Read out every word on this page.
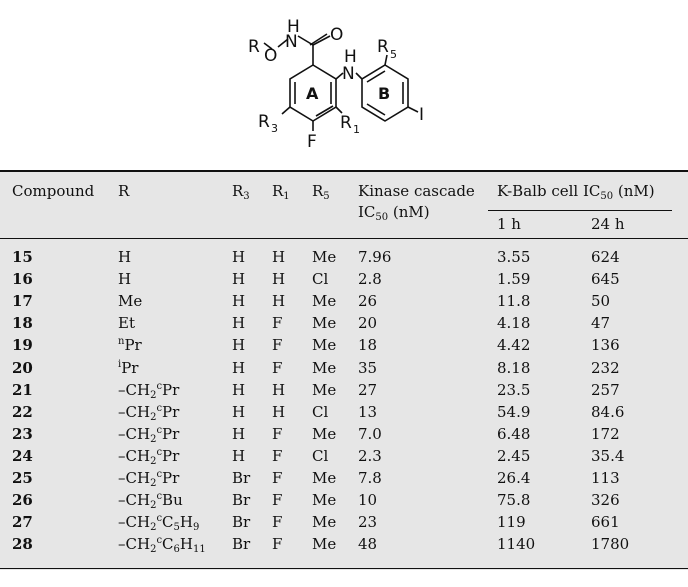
H
R O
N O
H
N
R 5
A	B
R 3	R 1
F
I
Compound R	$R_3$ $R_1$ $R_5$ Kinase cascade
$IC_{50}$ (nM)
K-Balb cell $IC_{50}$ (nM)
1 h	24 h
15	H	H H Me 7.96	3.55	624
16	H	H H Cl 2.8	1.59	645
17	Me	H H Me 26	11.8	50
18	Et	H F Me 20	4.18	47
19	$^n$Pr	H F Me 18	4.42	136
20	$^i$Pr	H F Me 35	8.18	232
21	$-CH_2^cPr$	H H Me 27	23.5	257
22	$-CH_2^cPr$	H H Cl 13	54.9	84.6
23	$-CH_2^cPr$	H F Me 7.0	6.48	172
24	$-CH_2^cPr$	H F Cl 2.3	2.45	35.4
25	$-CH_2^cPr$	Br F Me 7.8	26.4	113
26	$-CH_2^cBu$	Br F Me 10	75.8	326
27	$-CH_2^cC_5H_9$ Br F Me 23	119	661
28	$-CH_2^cC_6H_{11}$ Br F Me 48	1140	1780
